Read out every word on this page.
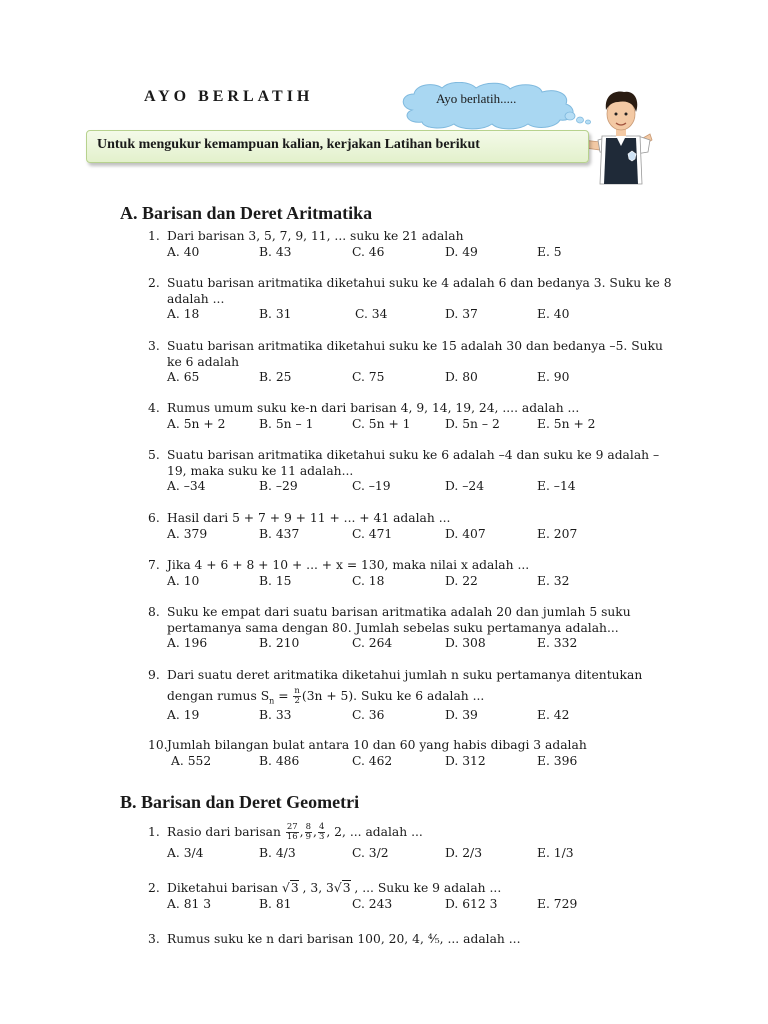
AYO BERLATIH	Ayo berlatih.....
Untuk mengukur kemampuan kalian, kerjakan Latihan berikut
A. Barisan dan Deret Aritmatika
1. Dari barisan 3, 5, 7, 9, 11, ... suku ke 21 adalah
A. 40	B. 43	C. 46	D. 49	E. 5
2. Suatu barisan aritmatika diketahui suku ke 4 adalah 6 dan bedanya 3. Suku ke 8 adalah ...
A. 18	B. 31	C. 34	D. 37	E. 40
3. Suatu barisan aritmatika diketahui suku ke 15 adalah 30 dan bedanya –5. Suku ke 6 adalah
A. 65	B. 25	C. 75	D. 80	E. 90
4. Rumus umum suku ke-n dari barisan 4, 9, 14, 19, 24, .... adalah ...
A. 5n + 2	B. 5n – 1	C. 5n + 1	D. 5n – 2	E. 5n + 2
5. Suatu barisan aritmatika diketahui suku ke 6 adalah –4 dan suku ke 9 adalah –19, maka suku ke 11 adalah...
A. –34	B. –29	C. –19	D. –24	E. –14
6. Hasil dari 5 + 7 + 9 + 11 + ... + 41 adalah ...
A. 379	B. 437	C. 471	D. 407	E. 207
7. Jika 4 + 6 + 8 + 10 + ... + x = 130, maka nilai x adalah ...
A. 10	B. 15	C. 18	D. 22	E. 32
8. Suku ke empat dari suatu barisan aritmatika adalah 20 dan jumlah 5 suku pertamanya sama dengan 80. Jumlah sebelas suku pertamanya adalah...
A. 196	B. 210	C. 264	D. 308	E. 332
9. Dari suatu deret aritmatika diketahui jumlah n suku pertamanya ditentukan
dengan rumus $S_n = \frac{n}{2} (3n + 5)$. Suku ke 6 adalah ...
A. 19	B. 33	C. 36	D. 39	E. 42
10. Jumlah bilangan bulat antara 10 dan 60 yang habis dibagi 3 adalah
A. 552	B. 486	C. 462	D. 312	E. 396
B. Barisan dan Deret Geometri
1. Rasio dari barisan $\frac{27}{16}$ , $\frac{8}{9}$ , $\frac{4}{3}$ , 2, ... adalah ...
A. 3/4	B. 4/3	C. 3/2	D. 2/3	E. 1/3
2. Diketahui barisan √3 , 3, 3√3 , ... Suku ke 9 adalah ...
A. 81 3	B. 81	C. 243	D. 612 3	E. 729
3. Rumus suku ke n dari barisan 100, 20, 4, ⁴⁄₅, ... adalah ...
